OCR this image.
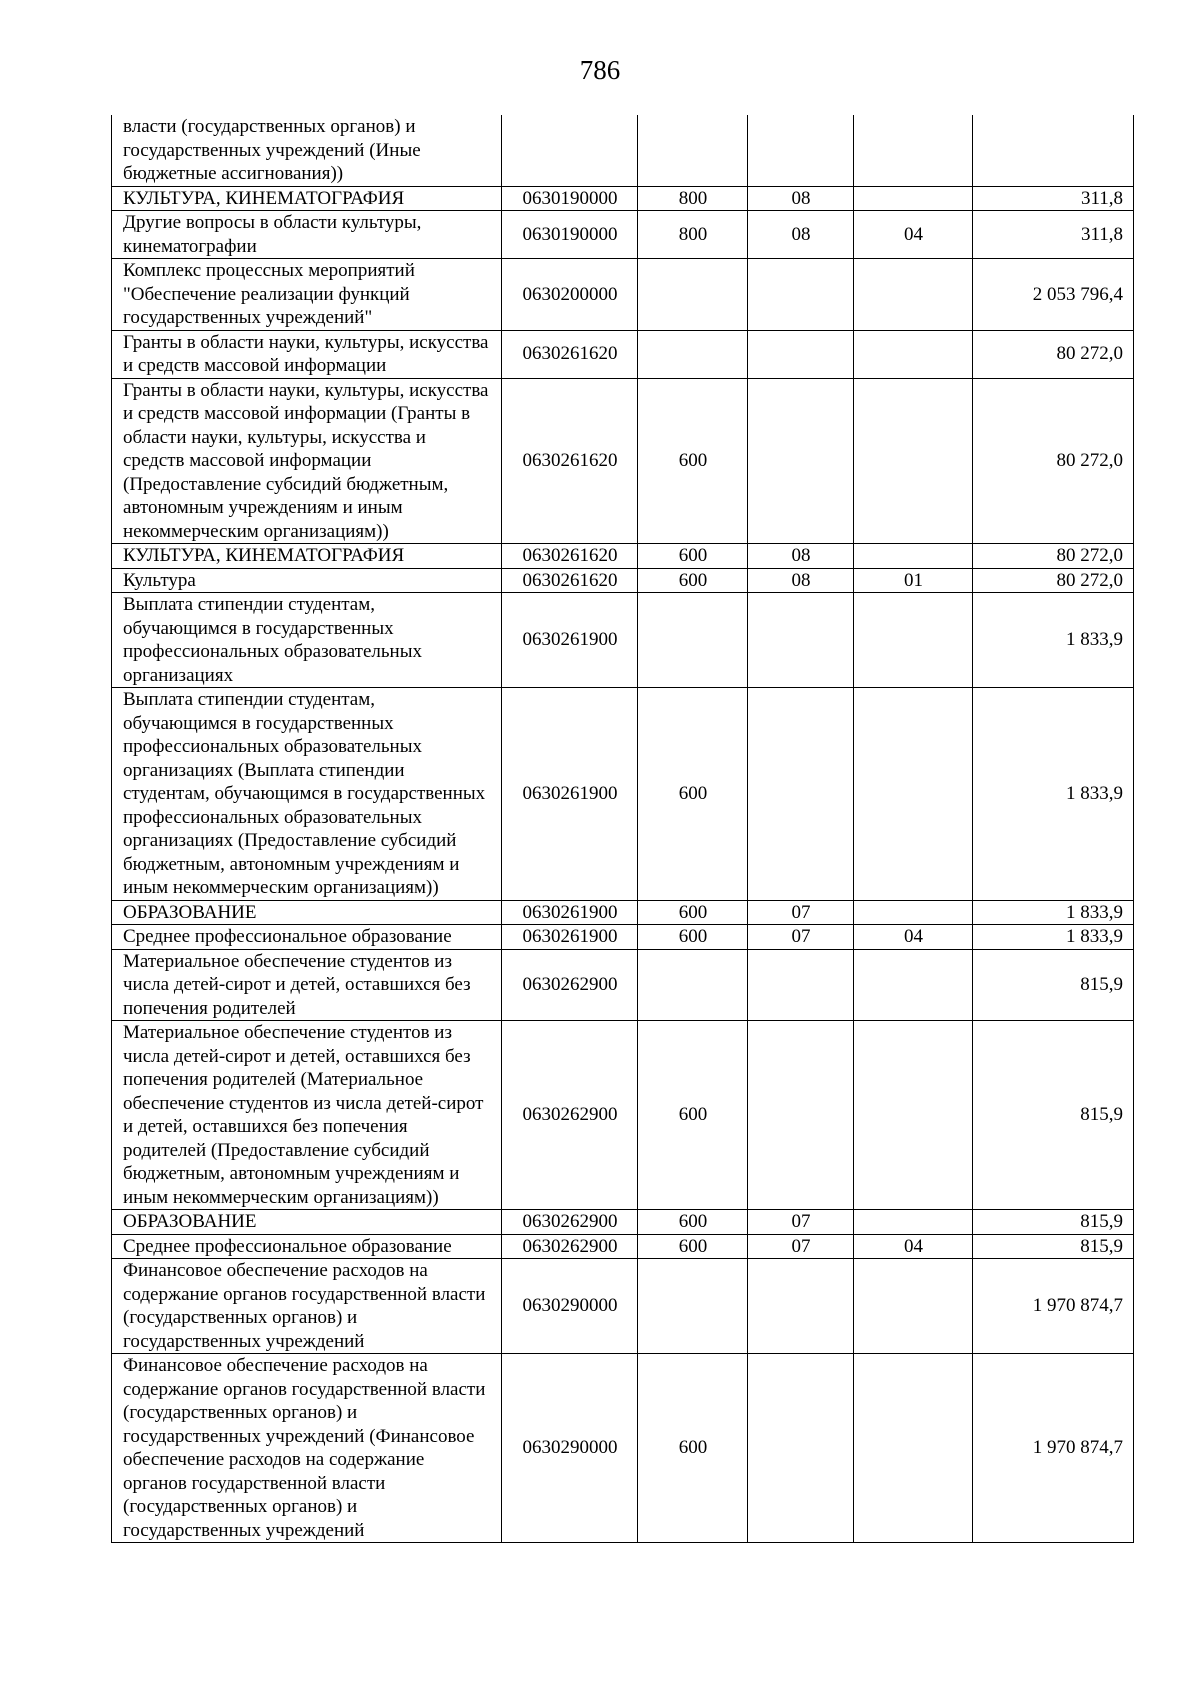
786
власти (государственных органов) и государственных учреждений (Иные бюджетные ассигнования))					
КУЛЬТУРА, КИНЕМАТОГРАФИЯ	0630190000	800	08		311,8
Другие вопросы в области культуры, кинематографии	0630190000	800	08	04	311,8
Комплекс процессных мероприятий "Обеспечение реализации функций государственных учреждений"	0630200000				2 053 796,4
Гранты в области науки, культуры, искусства и средств массовой информации	0630261620				80 272,0
Гранты в области науки, культуры, искусства и средств массовой информации (Гранты в области науки, культуры, искусства и средств массовой информации (Предоставление субсидий бюджетным, автономным учреждениям и иным некоммерческим организациям))	0630261620	600			80 272,0
КУЛЬТУРА, КИНЕМАТОГРАФИЯ	0630261620	600	08		80 272,0
Культура	0630261620	600	08	01	80 272,0
Выплата стипендии студентам, обучающимся в государственных профессиональных образовательных организациях	0630261900				1 833,9
Выплата стипендии студентам, обучающимся в государственных профессиональных образовательных организациях (Выплата стипендии студентам, обучающимся в государственных профессиональных образовательных организациях (Предоставление субсидий бюджетным, автономным учреждениям и иным некоммерческим организациям))	0630261900	600			1 833,9
ОБРАЗОВАНИЕ	0630261900	600	07		1 833,9
Среднее профессиональное образование	0630261900	600	07	04	1 833,9
Материальное обеспечение студентов из числа детей-сирот и детей, оставшихся без попечения родителей	0630262900				815,9
Материальное обеспечение студентов из числа детей-сирот и детей, оставшихся без попечения родителей (Материальное обеспечение студентов из числа детей-сирот и детей, оставшихся без попечения родителей (Предоставление субсидий бюджетным, автономным учреждениям и иным некоммерческим организациям))	0630262900	600			815,9
ОБРАЗОВАНИЕ	0630262900	600	07		815,9
Среднее профессиональное образование	0630262900	600	07	04	815,9
Финансовое обеспечение расходов на содержание органов государственной власти (государственных органов) и государственных учреждений	0630290000				1 970 874,7
Финансовое обеспечение расходов на содержание органов государственной власти (государственных органов) и государственных учреждений (Финансовое обеспечение расходов на содержание органов государственной власти (государственных органов) и государственных учреждений	0630290000	600			1 970 874,7
